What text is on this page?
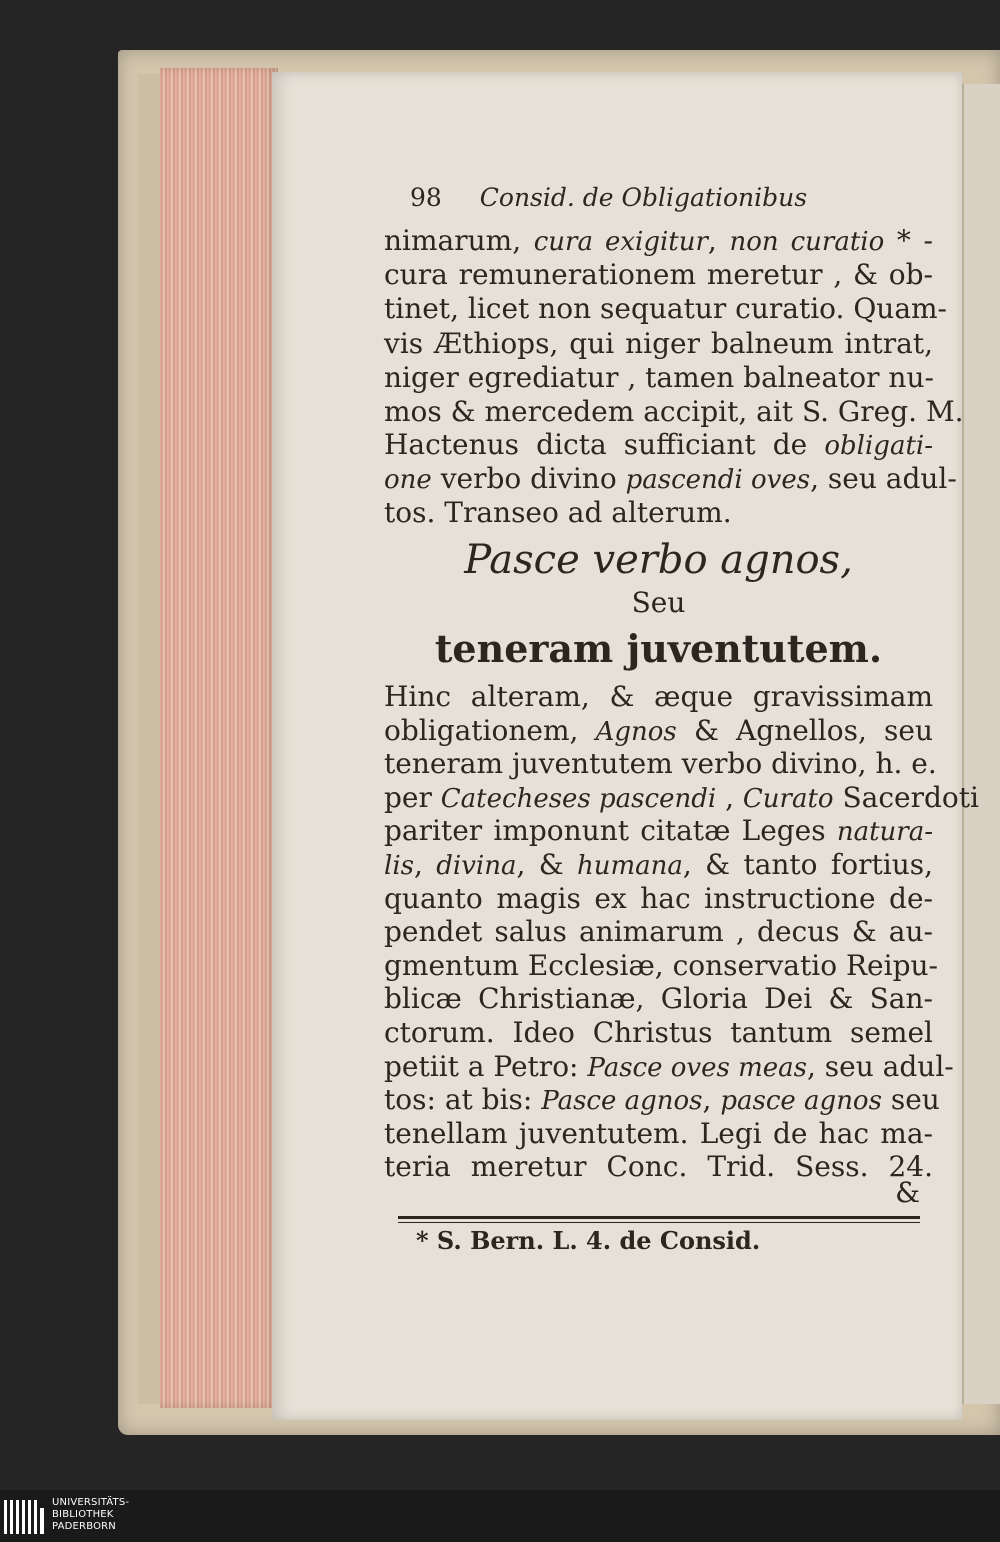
98 Consid. de Obligationibus
nimarum, cura exigitur, non curatio * -
cura remunerationem meretur , & ob-
tinet, licet non sequatur curatio. Quam-
vis Æthiops, qui niger balneum intrat,
niger egrediatur , tamen balneator nu-
mos & mercedem accipit, ait S. Greg. M.
Hactenus dicta sufficiant de obligati-
one verbo divino pascendi oves, seu adul-
tos. Transeo ad alterum.
Hinc alteram, & æque gravissimam
obligationem, Agnos & Agnellos, seu
teneram juventutem verbo divino, h. e.
per Catecheses pascendi , Curato Sacerdoti
pariter imponunt citatæ Leges natura-
lis, divina, & humana, & tanto fortius,
quanto magis ex hac instructione de-
pendet salus animarum , decus & au-
gmentum Ecclesiæ, conservatio Reipu-
blicæ Christianæ, Gloria Dei & San-
ctorum. Ideo Christus tantum semel
petiit a Petro: Pasce oves meas, seu adul-
tos: at bis: Pasce agnos, pasce agnos seu
tenellam juventutem. Legi de hac ma-
teria meretur Conc. Trid. Sess. 24.
Pasce verbo agnos,
Seu
teneram juventutem.
&
* S. Bern. L. 4. de Consid.
UNIVERSITÄTS-
BIBLIOTHEK
PADERBORN
